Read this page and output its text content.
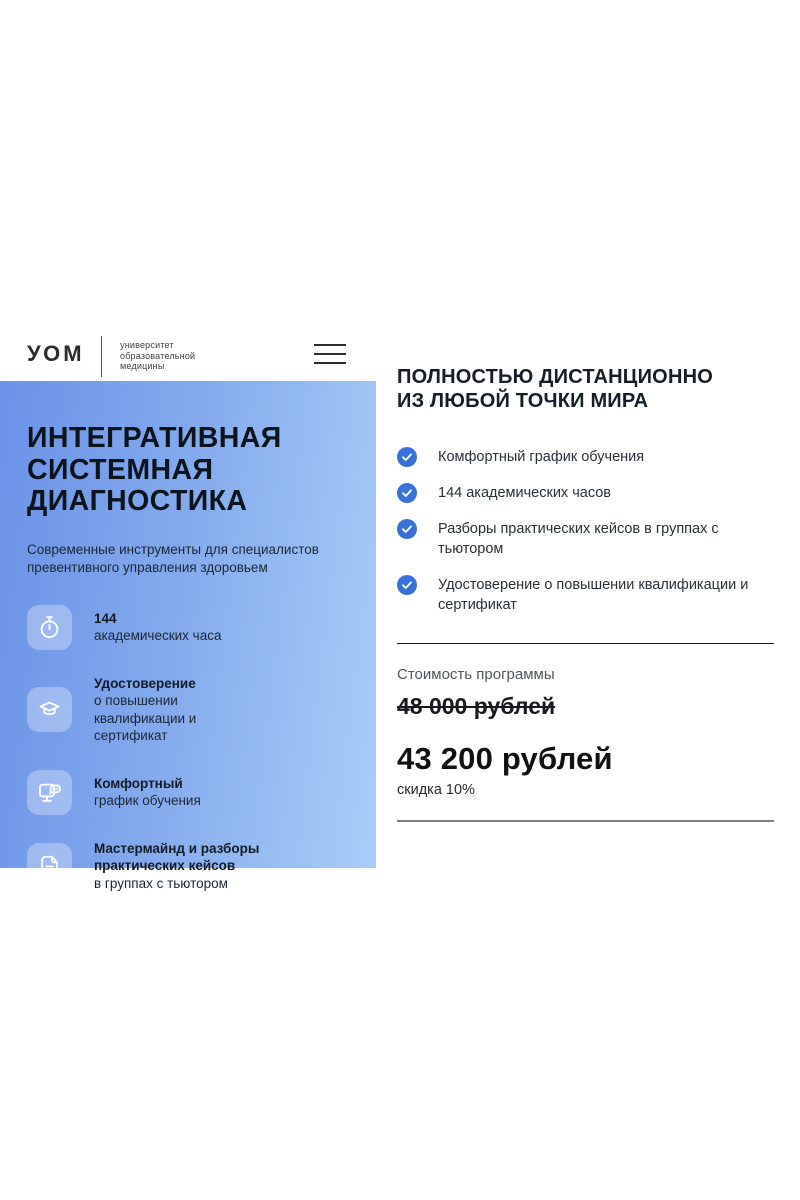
УОМ	университет
образовательной
медицины
ИНТЕГРАТИВНАЯ СИСТЕМНАЯ ДИАГНОСТИКА

Современные инструменты для специалистов превентивного управления здоровьем

144
академических часа
Удостоверение
о повышении квалификации и сертификат
Комфортный
график обучения
Мастермайнд и разборы практических кейсов
в группах с тьютором
ПОЛНОСТЬЮ ДИСТАНЦИОННО
ИЗ ЛЮБОЙ ТОЧКИ МИРА
Комфортный график обучения
144 академических часов
Разборы практических кейсов в группах с тьютором
Удостоверение о повышении квалификации и сертификат
Стоимость программы
48 000 рублей
43 200 рублей
скидка 10%
